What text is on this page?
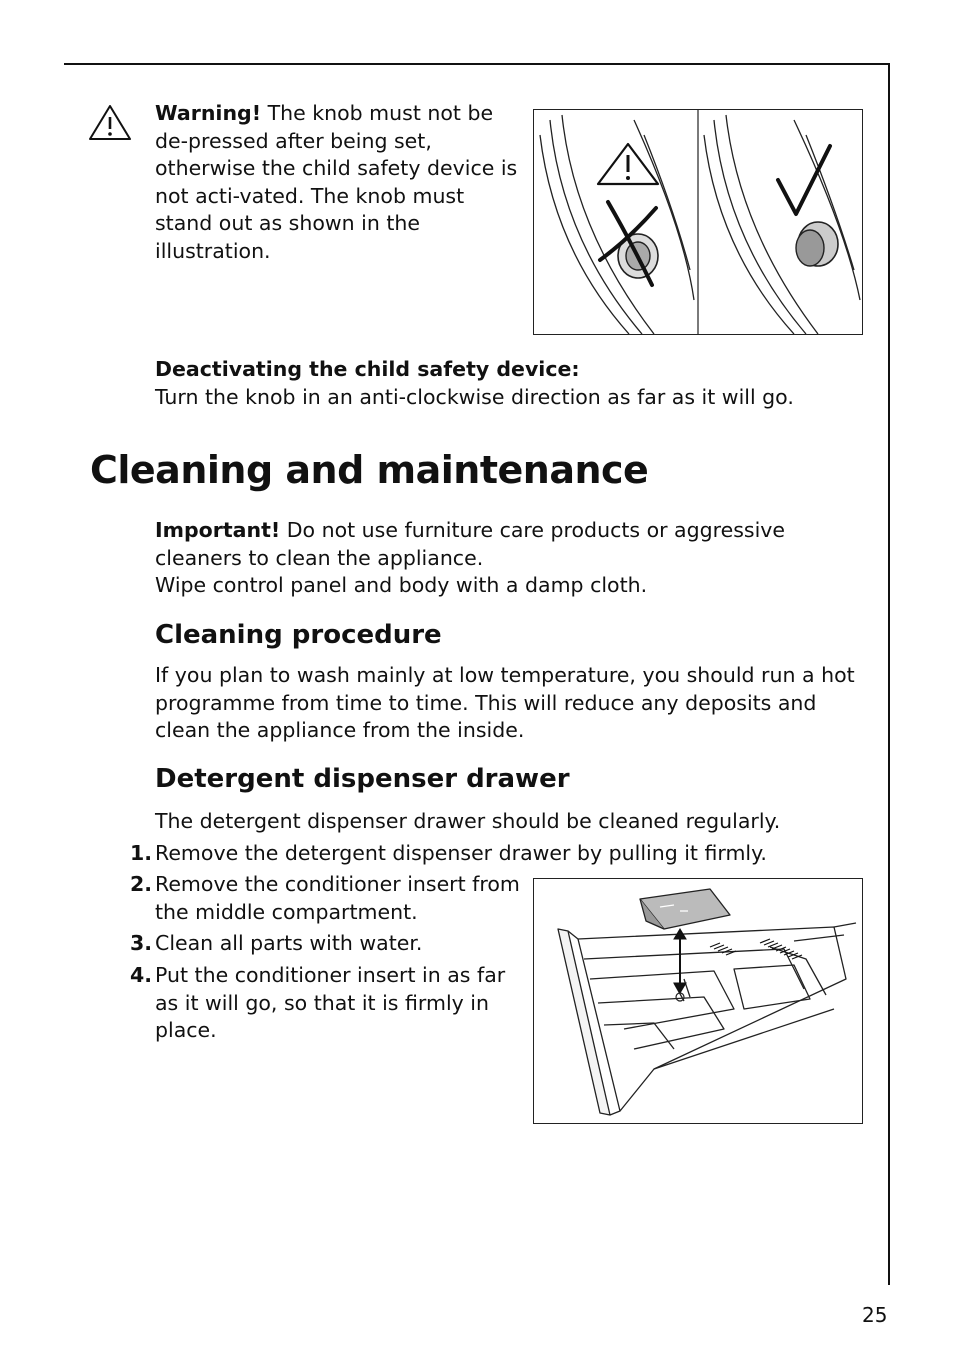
Warning! The knob must not be de-pressed after being set, otherwise the child safety device is not acti-vated. The knob must stand out as shown in the illustration.
Deactivating the child safety device:
Turn the knob in an anti-clockwise direction as far as it will go.
Cleaning and maintenance
Important! Do not use furniture care products or aggressive cleaners to clean the appliance.
Wipe control panel and body with a damp cloth.
Cleaning procedure
If you plan to wash mainly at low temperature, you should run a hot programme from time to time. This will reduce any deposits and clean the appliance from the inside.
Detergent dispenser drawer
The detergent dispenser drawer should be cleaned regularly.
1. Remove the detergent dispenser drawer by pulling it firmly.
2. Remove the conditioner insert from the middle compartment.
3. Clean all parts with water.
4. Put the conditioner insert in as far as it will go, so that it is firmly in place.
25
